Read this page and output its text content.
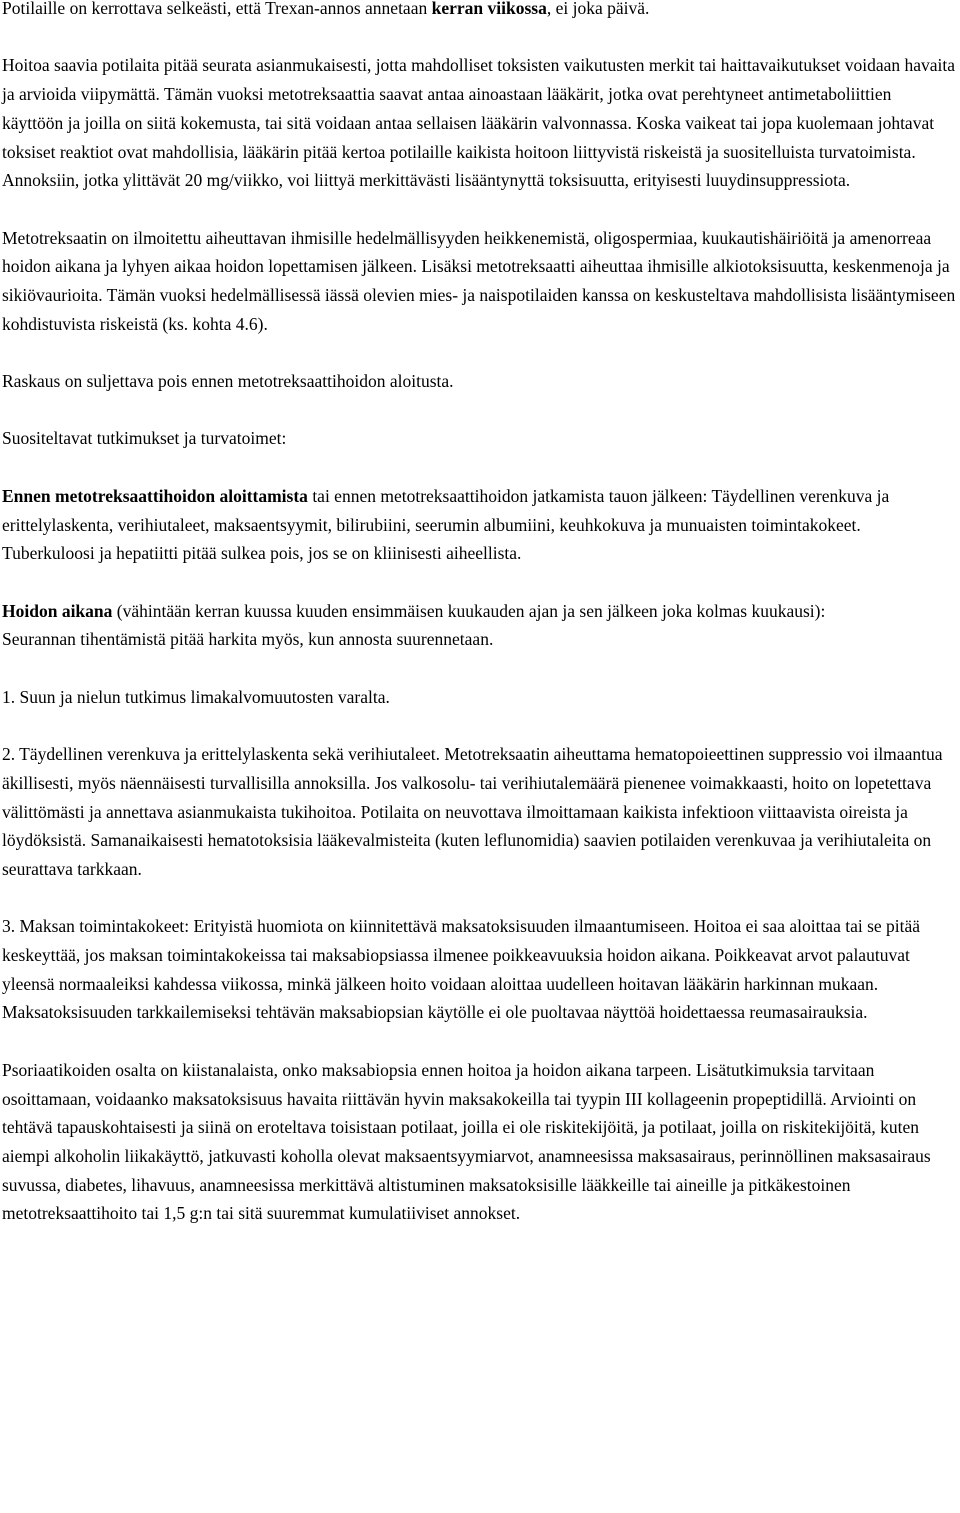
Potilaille on kerrottava selkeästi, että Trexan-annos annetaan kerran viikossa, ei joka päivä.

Hoitoa saavia potilaita pitää seurata asianmukaisesti, jotta mahdolliset toksisten vaikutusten merkit tai haittavaikutukset voidaan havaita ja arvioida viipymättä. Tämän vuoksi metotreksaattia saavat antaa ainoastaan lääkärit, jotka ovat perehtyneet antimetaboliittien käyttöön ja joilla on siitä kokemusta, tai sitä voidaan antaa sellaisen lääkärin valvonnassa. Koska vaikeat tai jopa kuolemaan johtavat toksiset reaktiot ovat mahdollisia, lääkärin pitää kertoa potilaille kaikista hoitoon liittyvistä riskeistä ja suositelluista turvatoimista. Annoksiin, jotka ylittävät 20 mg/viikko, voi liittyä merkittävästi lisääntynyttä toksisuutta, erityisesti luuydinsuppressiota.

Metotreksaatin on ilmoitettu aiheuttavan ihmisille hedelmällisyyden heikkenemistä, oligospermiaa, kuukautishäiriöitä ja amenorreaa hoidon aikana ja lyhyen aikaa hoidon lopettamisen jälkeen. Lisäksi metotreksaatti aiheuttaa ihmisille alkiotoksisuutta, keskenmenoja ja sikiövaurioita. Tämän vuoksi hedelmällisessä iässä olevien mies- ja naispotilaiden kanssa on keskusteltava mahdollisista lisääntymiseen kohdistuvista riskeistä (ks. kohta 4.6).

Raskaus on suljettava pois ennen metotreksaattihoidon aloitusta.

Suositeltavat tutkimukset ja turvatoimet:

Ennen metotreksaattihoidon aloittamista tai ennen metotreksaattihoidon jatkamista tauon jälkeen: Täydellinen verenkuva ja erittelylaskenta, verihiutaleet, maksaentsyymit, bilirubiini, seerumin albumiini, keuhkokuva ja munuaisten toimintakokeet. Tuberkuloosi ja hepatiitti pitää sulkea pois, jos se on kliinisesti aiheellista.

Hoidon aikana (vähintään kerran kuussa kuuden ensimmäisen kuukauden ajan ja sen jälkeen joka kolmas kuukausi):
Seurannan tihentämistä pitää harkita myös, kun annosta suurennetaan.

1. Suun ja nielun tutkimus limakalvomuutosten varalta.

2. Täydellinen verenkuva ja erittelylaskenta sekä verihiutaleet. Metotreksaatin aiheuttama hematopoieettinen suppressio voi ilmaantua äkillisesti, myös näennäisesti turvallisilla annoksilla. Jos valkosolu- tai verihiutalemäärä pienenee voimakkaasti, hoito on lopetettava välittömästi ja annettava asianmukaista tukihoitoa. Potilaita on neuvottava ilmoittamaan kaikista infektioon viittaavista oireista ja löydöksistä. Samanaikaisesti hematotoksisia lääkevalmisteita (kuten leflunomidia) saavien potilaiden verenkuvaa ja verihiutaleita on seurattava tarkkaan.

3. Maksan toimintakokeet: Erityistä huomiota on kiinnitettävä maksatoksisuuden ilmaantumiseen. Hoitoa ei saa aloittaa tai se pitää keskeyttää, jos maksan toimintakokeissa tai maksabiopsiassa ilmenee poikkeavuuksia hoidon aikana. Poikkeavat arvot palautuvat yleensä normaaleiksi kahdessa viikossa, minkä jälkeen hoito voidaan aloittaa uudelleen hoitavan lääkärin harkinnan mukaan. Maksatoksisuuden tarkkailemiseksi tehtävän maksabiopsian käytölle ei ole puoltavaa näyttöä hoidettaessa reumasairauksia.

Psoriaatikoiden osalta on kiistanalaista, onko maksabiopsia ennen hoitoa ja hoidon aikana tarpeen. Lisätutkimuksia tarvitaan osoittamaan, voidaanko maksatoksisuus havaita riittävän hyvin maksakokeilla tai tyypin III kollageenin propeptidillä. Arviointi on tehtävä tapauskohtaisesti ja siinä on eroteltava toisistaan potilaat, joilla ei ole riskitekijöitä, ja potilaat, joilla on riskitekijöitä, kuten aiempi alkoholin liikakäyttö, jatkuvasti koholla olevat maksaentsyymiarvot, anamneesissa maksasairaus, perinnöllinen maksasairaus suvussa, diabetes, lihavuus, anamneesissa merkittävä altistuminen maksatoksisille lääkkeille tai aineille ja pitkäkestoinen metotreksaattihoito tai 1,5 g:n tai sitä suuremmat kumulatiiviset annokset.
